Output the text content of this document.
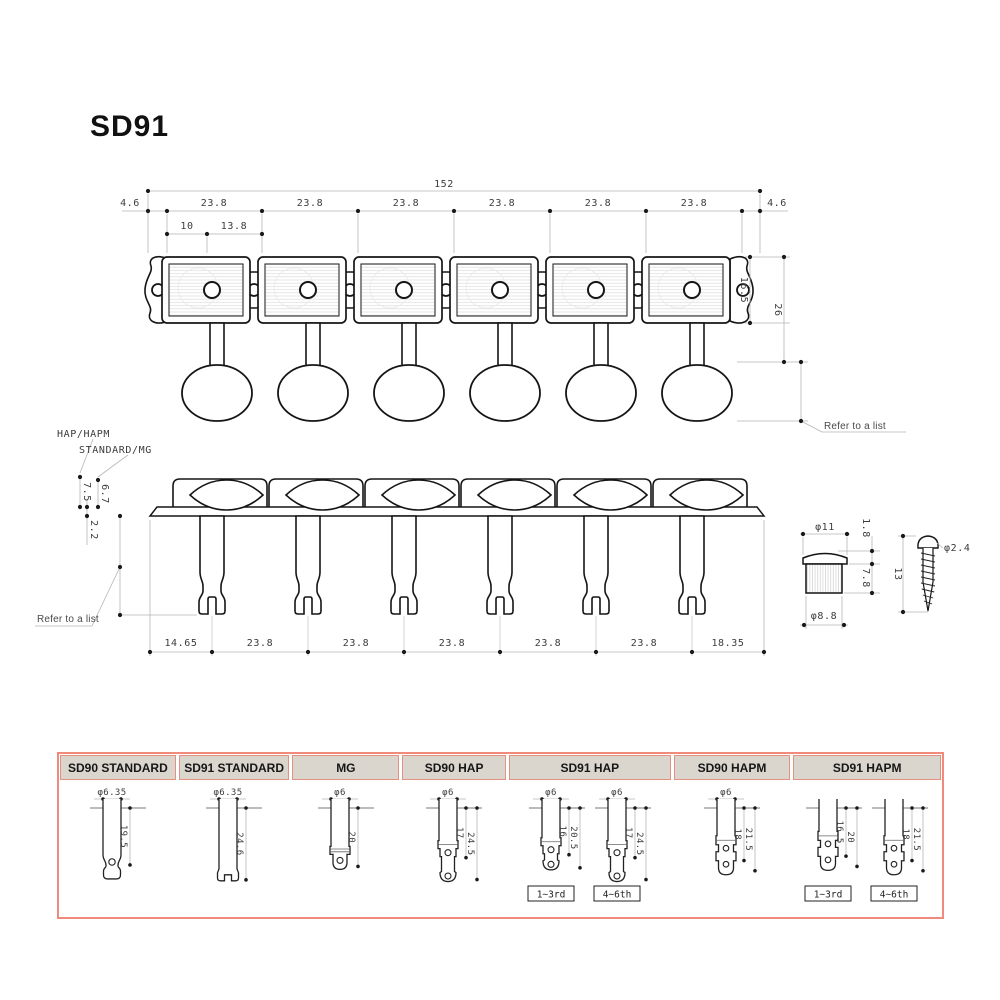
SD91
152
4.6	23.8	23.8	23.8	23.8	23.8	23.8	4.6
10	13.8
16.5
26
Refer to a list
HAP/HAPM
STANDARD/MG
7.5 6.7
2.2
Refer to a list
14.65	23.8	23.8	23.8	23.8	23.8	18.35
φ11	1.8
7.8
φ8.8
13
φ2.4
SD90 STANDARD	SD91 STANDARD	MG	SD90 HAP	SD91 HAP	SD90 HAPM	SD91 HAPM
φ6.35
19.5
φ6.35
24.6
φ6
20
φ6
17 24.5
φ6
16 20.5
1~3rd
φ6
17 24.5
4~6th
φ6
18 21.5	16.5 20
1~3rd
18 21.5
4~6th
